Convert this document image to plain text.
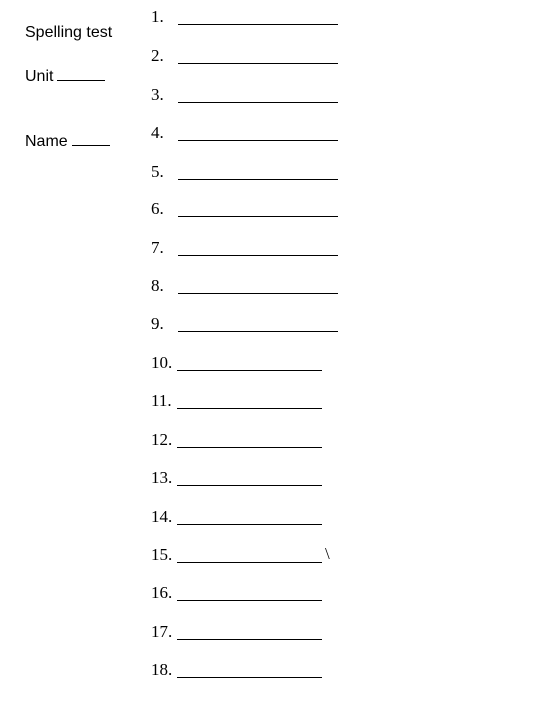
Spelling test
Unit
Name
1.
2.
3.
4.
5.
6.
7.
8.
9.
10.
11.
12.
13.
14.
15.	\
16.
17.
18.
